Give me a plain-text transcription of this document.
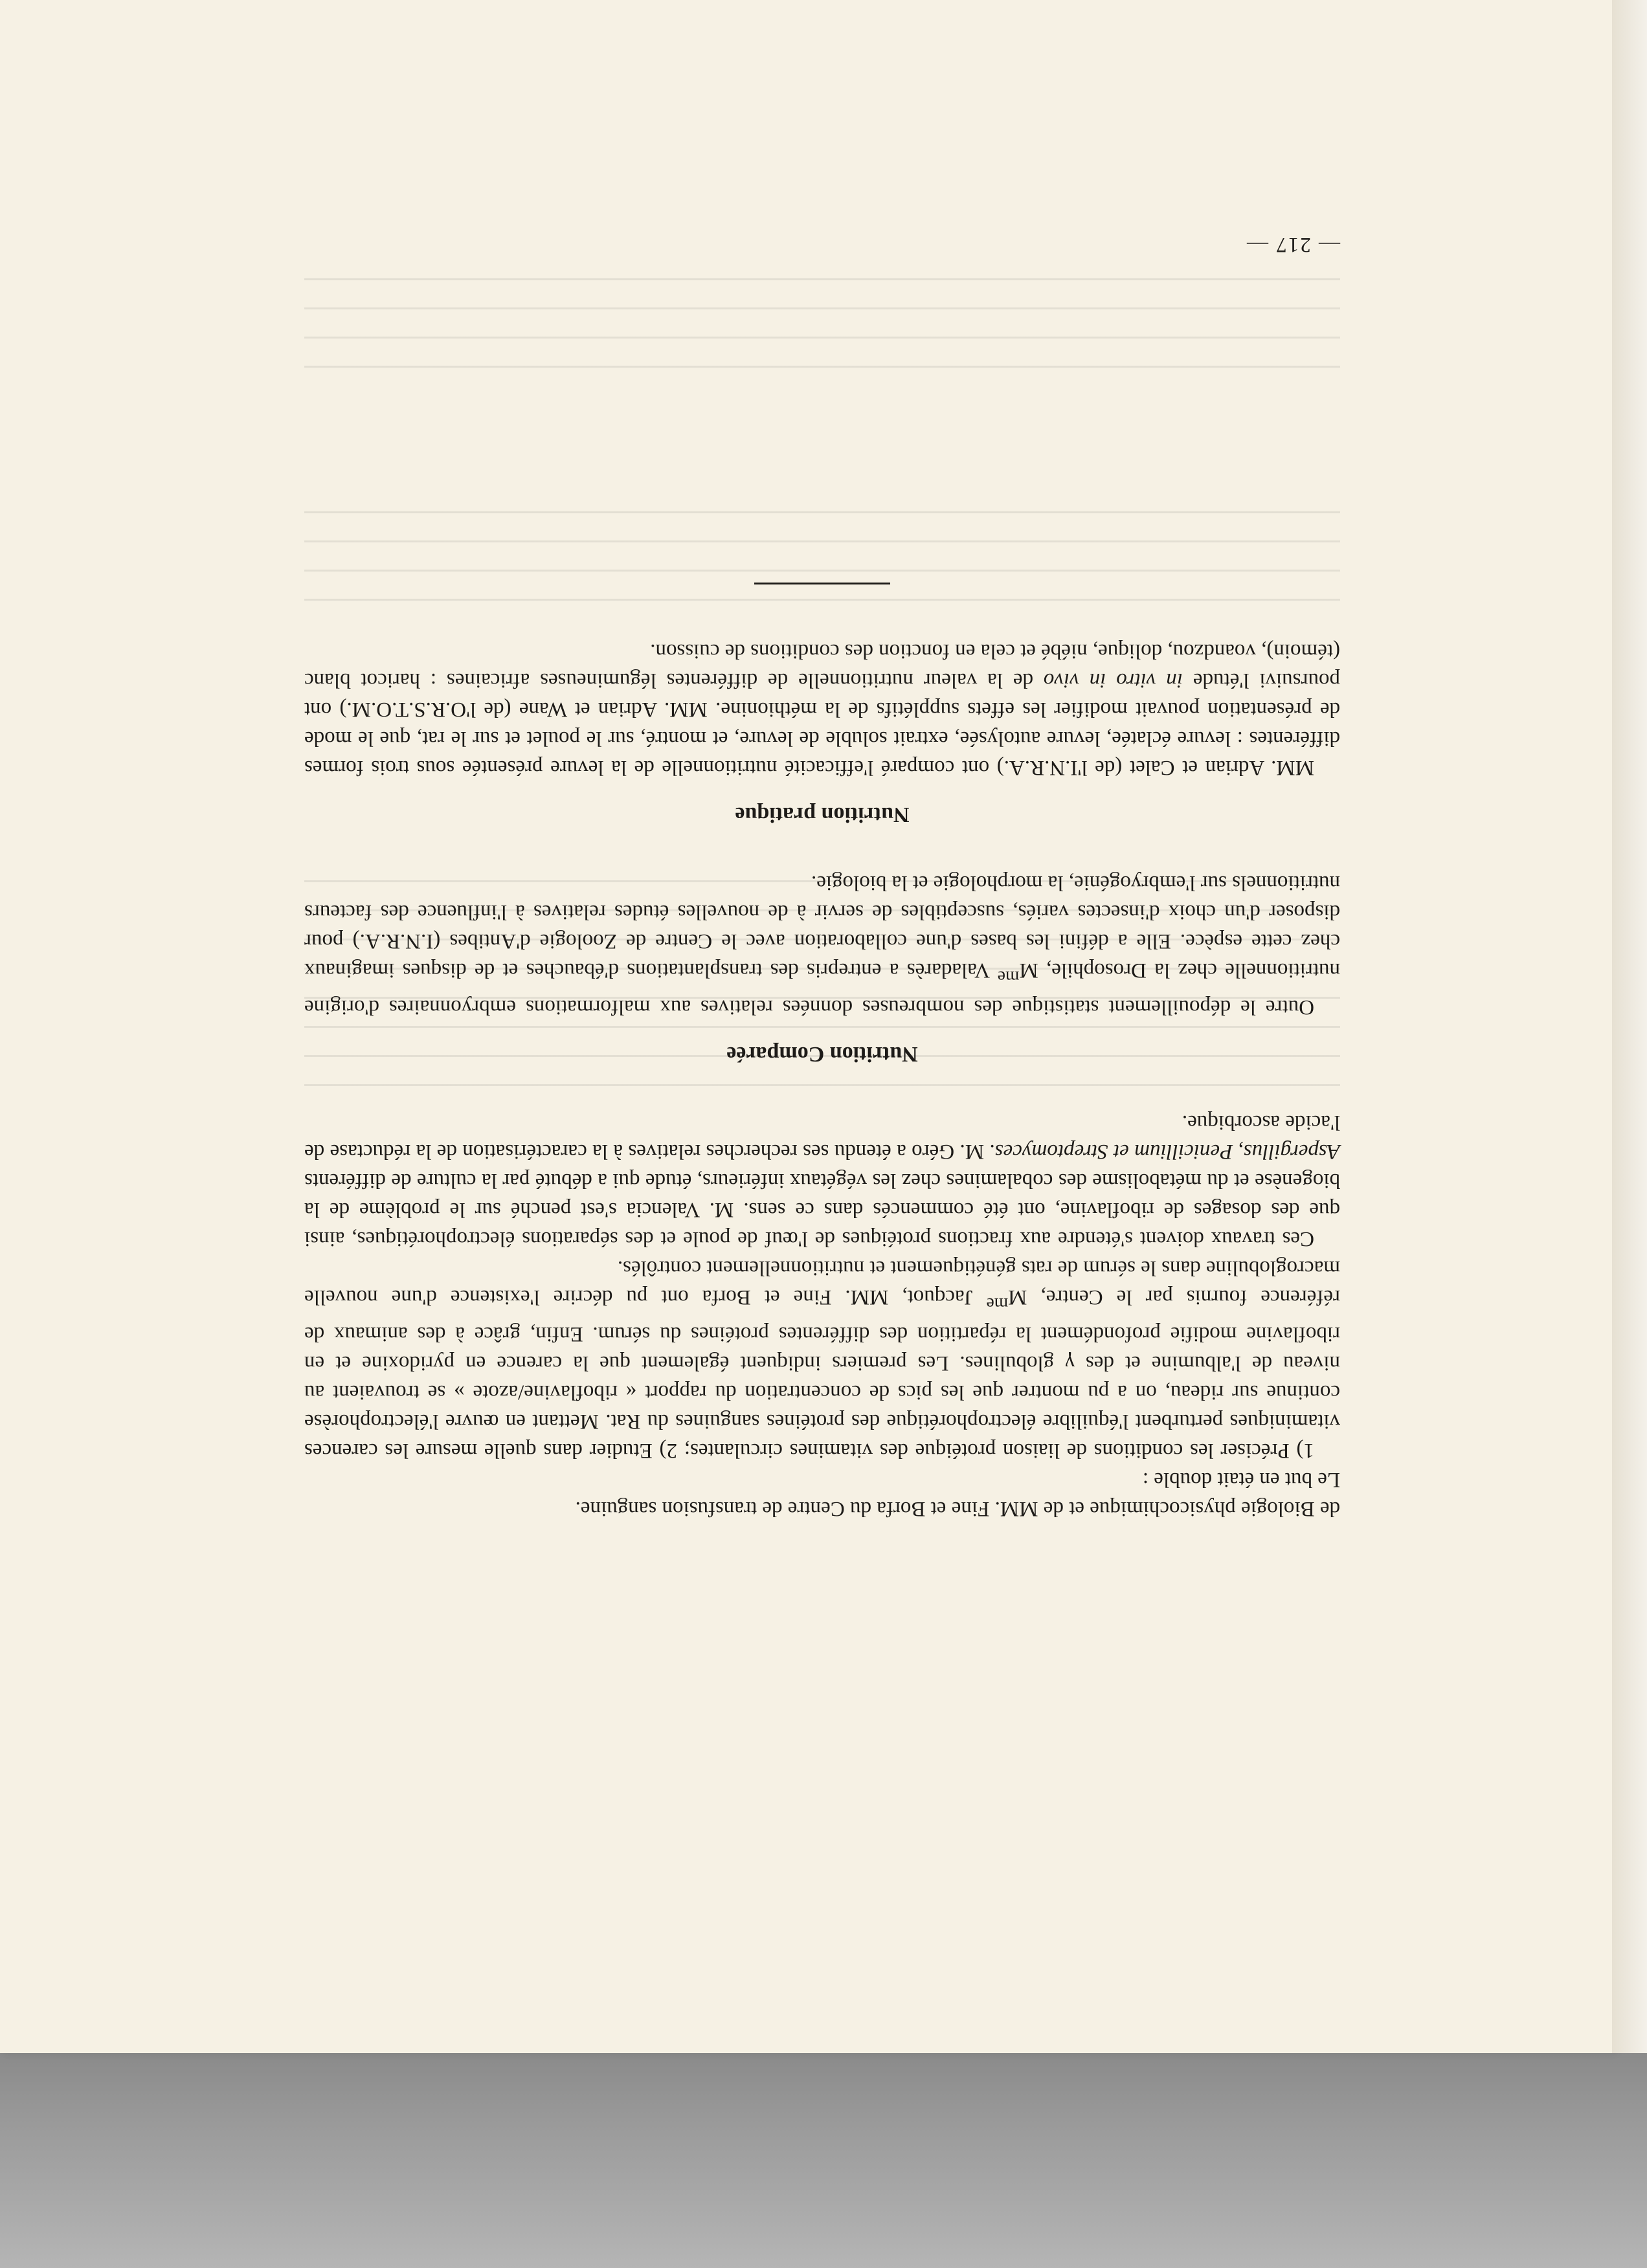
de Biologie physicochimique et de MM. Fine et Borfa du Centre de transfusion sanguine.
Le but en était double :

1) Préciser les conditions de liaison protéique des vitamines circulantes; 2) Etudier dans quelle mesure les carences vitaminiques perturbent l'équilibre électrophorétique des protéines sanguines du Rat. Mettant en œuvre l'électrophorèse continue sur rideau, on a pu montrer que les pics de concentration du rapport « riboflavine/azote » se trouvaient au niveau de l'albumine et des γ globulines. Les premiers indiquent également que la carence en pyridoxine et en riboflavine modifie profondément la répartition des différentes protéines du sérum. Enfin, grâce à des animaux de référence fournis par le Centre, $M^{me}$ Jacquot, MM. Fine et Borfa ont pu décrire l'existence d'une nouvelle macroglobuline dans le sérum de rats génétiquement et nutritionnellement contrôlés.

Ces travaux doivent s'étendre aux fractions protéiques de l'œuf de poule et des séparations électrophorétiques, ainsi que des dosages de riboflavine, ont été commencés dans ce sens. M. Valencia s'est penché sur le problème de la biogenèse et du métabolisme des cobalamines chez les végétaux inférieurs, étude qui a débuté par la culture de différents Aspergillus, Penicillium et Streptomyces. M. Géro a étendu ses recherches relatives à la caractérisation de la réductase de l'acide ascorbique.

Nutrition Comparée

Outre le dépouillement statistique des nombreuses données relatives aux malformations embryonnaires d'origine nutritionnelle chez la Drosophile, $M^{me}$ Valadarès a entrepris des transplantations d'ébauches et de disques imaginaux chez cette espèce. Elle a défini les bases d'une collaboration avec le Centre de Zoologie d'Antibes (I.N.R.A.) pour disposer d'un choix d'insectes variés, susceptibles de servir à de nouvelles études relatives à l'influence des facteurs nutritionnels sur l'embryogénie, la morphologie et la biologie.

Nutrition pratique

MM. Adrian et Calet (de l'I.N.R.A.) ont comparé l'efficacité nutritionnelle de la levure présentée sous trois formes différentes : levure éclatée, levure autolysée, extrait soluble de levure, et montré, sur le poulet et sur le rat, que le mode de présentation pouvait modifier les effets supplétifs de la méthionine. MM. Adrian et Wane (de l'O.R.S.T.O.M.) ont poursuivi l'étude in vitro in vivo de la valeur nutritionnelle de différentes légumineuses africaines : haricot blanc (témoin), voandzou, dolique, niébé et cela en fonction des conditions de cuisson.

— 217 —
